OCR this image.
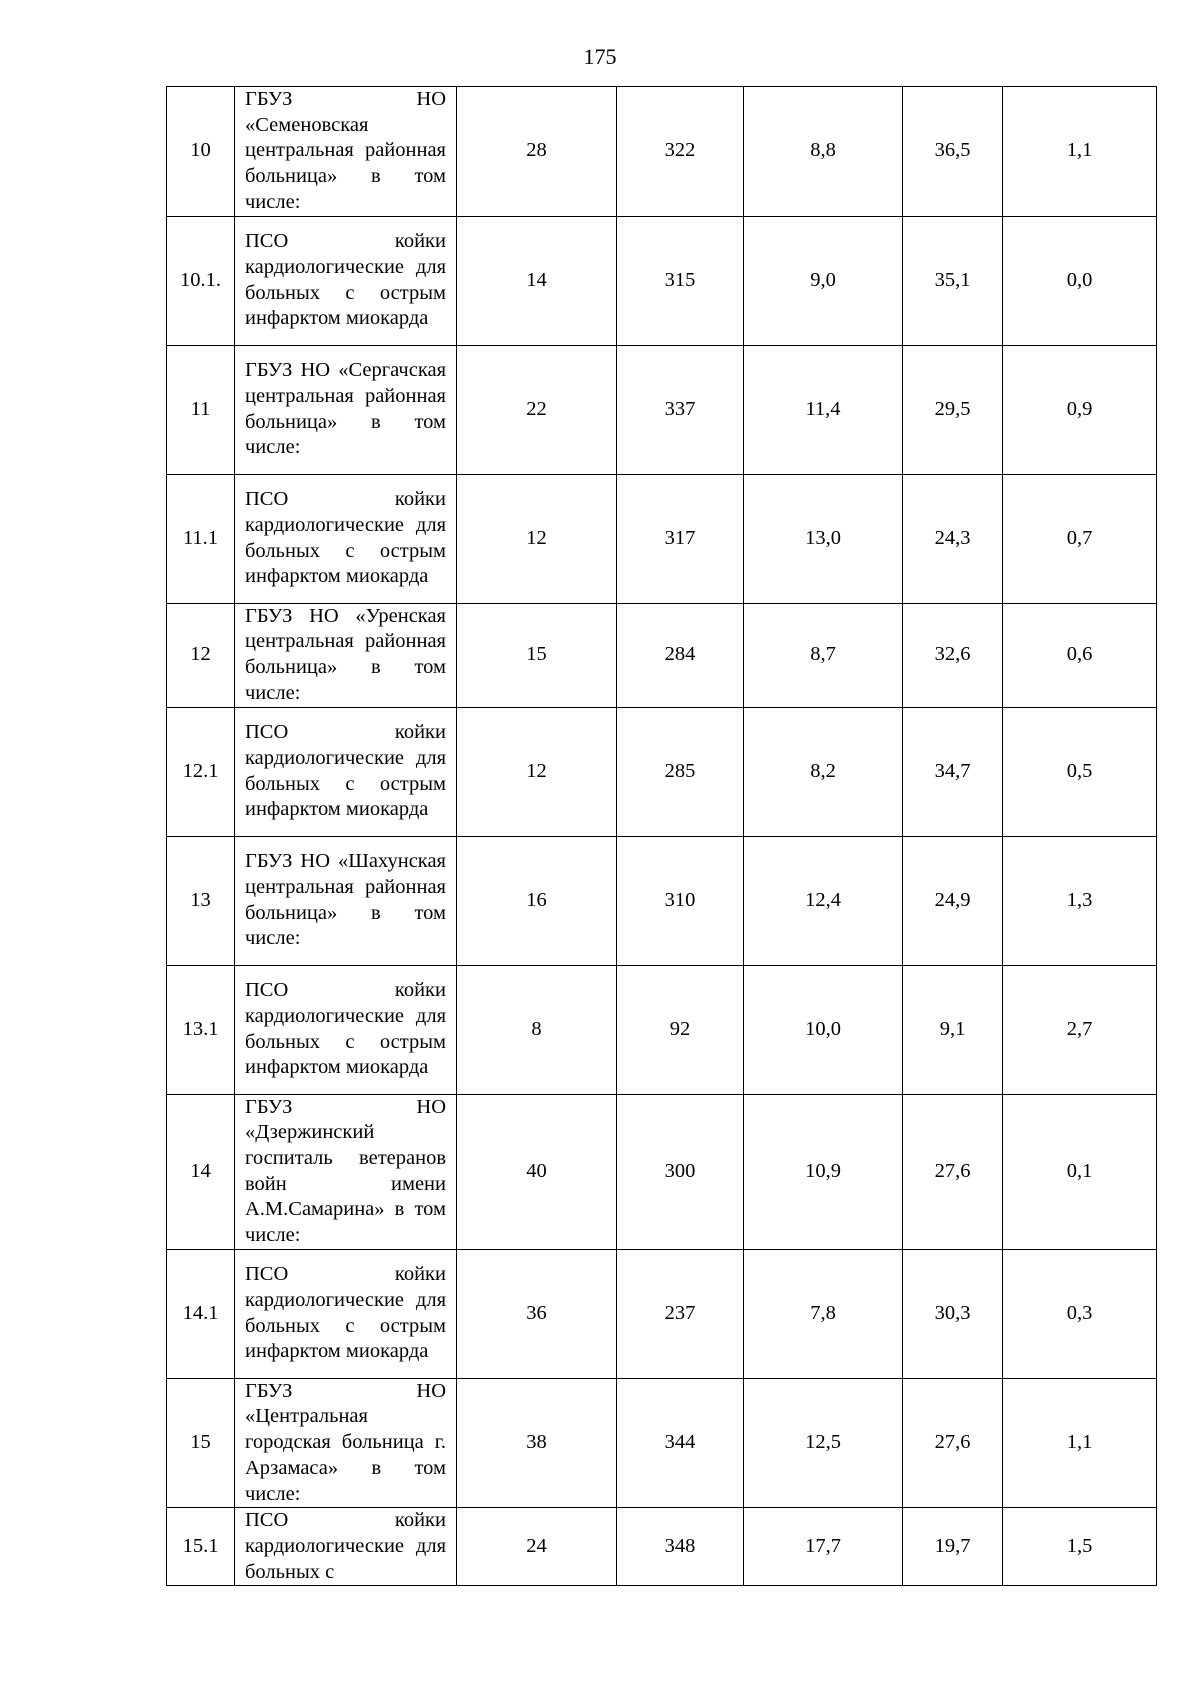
175
10	ГБУЗ НО «Семеновская центральная районная больница» в том числе:	28	322	8,8	36,5	1,1
10.1.	ПСО койки кардиологические для больных с острым инфарктом миокарда	14	315	9,0	35,1	0,0
11	ГБУЗ НО «Сергачская центральная районная больница» в том числе:	22	337	11,4	29,5	0,9
11.1	ПСО койки кардиологические для больных с острым инфарктом миокарда	12	317	13,0	24,3	0,7
12	ГБУЗ НО «Уренская центральная районная больница» в том числе:	15	284	8,7	32,6	0,6
12.1	ПСО койки кардиологические для больных с острым инфарктом миокарда	12	285	8,2	34,7	0,5
13	ГБУЗ НО «Шахунская центральная районная больница» в том числе:	16	310	12,4	24,9	1,3
13.1	ПСО койки кардиологические для больных с острым инфарктом миокарда	8	92	10,0	9,1	2,7
14	ГБУЗ НО «Дзержинский госпиталь ветеранов войн имени А.М.Самарина» в том числе:	40	300	10,9	27,6	0,1
14.1	ПСО койки кардиологические для больных с острым инфарктом миокарда	36	237	7,8	30,3	0,3
15	ГБУЗ НО «Центральная городская больница г. Арзамаса» в том числе:	38	344	12,5	27,6	1,1
15.1	ПСО койки кардиологические для больных с	24	348	17,7	19,7	1,5
